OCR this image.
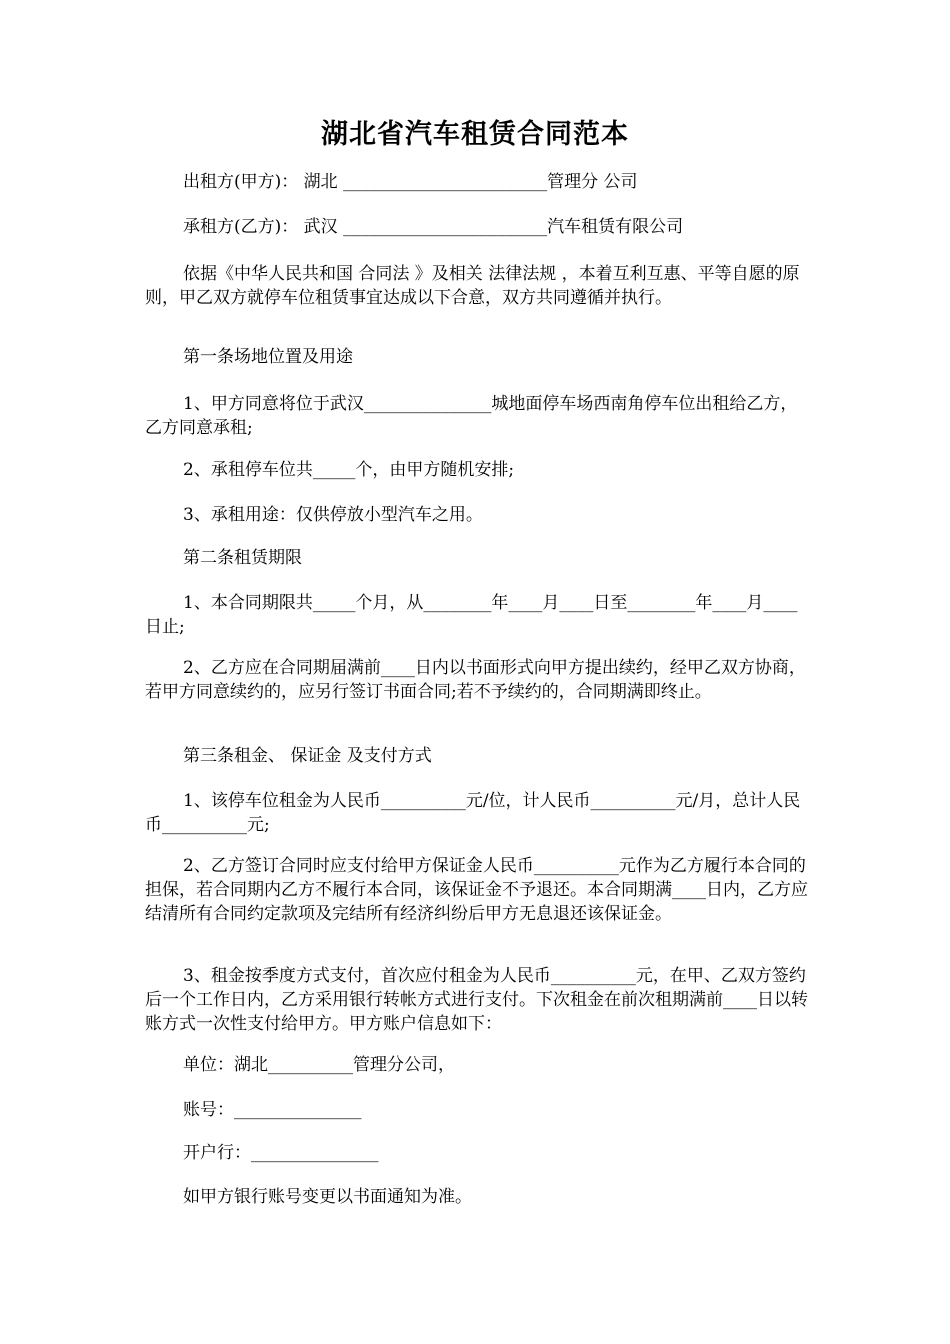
湖北省汽车租赁合同范本

出租方(甲方)： 湖北 ________________________管理分 公司

承租方(乙方)： 武汉 ________________________汽车租赁有限公司

依据《中华人民共和国 合同法 》及相关 法律法规 ，本着互利互惠、平等自愿的原则，甲乙双方就停车位租赁事宜达成以下合意，双方共同遵循并执行。

第一条场地位置及用途

1、甲方同意将位于武汉_______________城地面停车场西南角停车位出租给乙方，乙方同意承租;

2、承租停车位共_____个，由甲方随机安排;

3、承租用途：仅供停放小型汽车之用。

第二条租赁期限

1、本合同期限共_____个月，从________年____月____日至________年____月____日止;

2、乙方应在合同期届满前____日内以书面形式向甲方提出续约，经甲乙双方协商，若甲方同意续约的，应另行签订书面合同;若不予续约的，合同期满即终止。

第三条租金、 保证金 及支付方式

1、该停车位租金为人民币__________元/位，计人民币__________元/月，总计人民币__________元;

2、乙方签订合同时应支付给甲方保证金人民币__________元作为乙方履行本合同的担保，若合同期内乙方不履行本合同，该保证金不予退还。本合同期满____日内，乙方应结清所有合同约定款项及完结所有经济纠纷后甲方无息退还该保证金。

3、租金按季度方式支付，首次应付租金为人民币__________元，在甲、乙双方签约后一个工作日内，乙方采用银行转帐方式进行支付。下次租金在前次租期满前____日以转账方式一次性支付给甲方。甲方账户信息如下：

单位：湖北__________管理分公司，

账号：_______________

开户行：_______________

如甲方银行账号变更以书面通知为准。
